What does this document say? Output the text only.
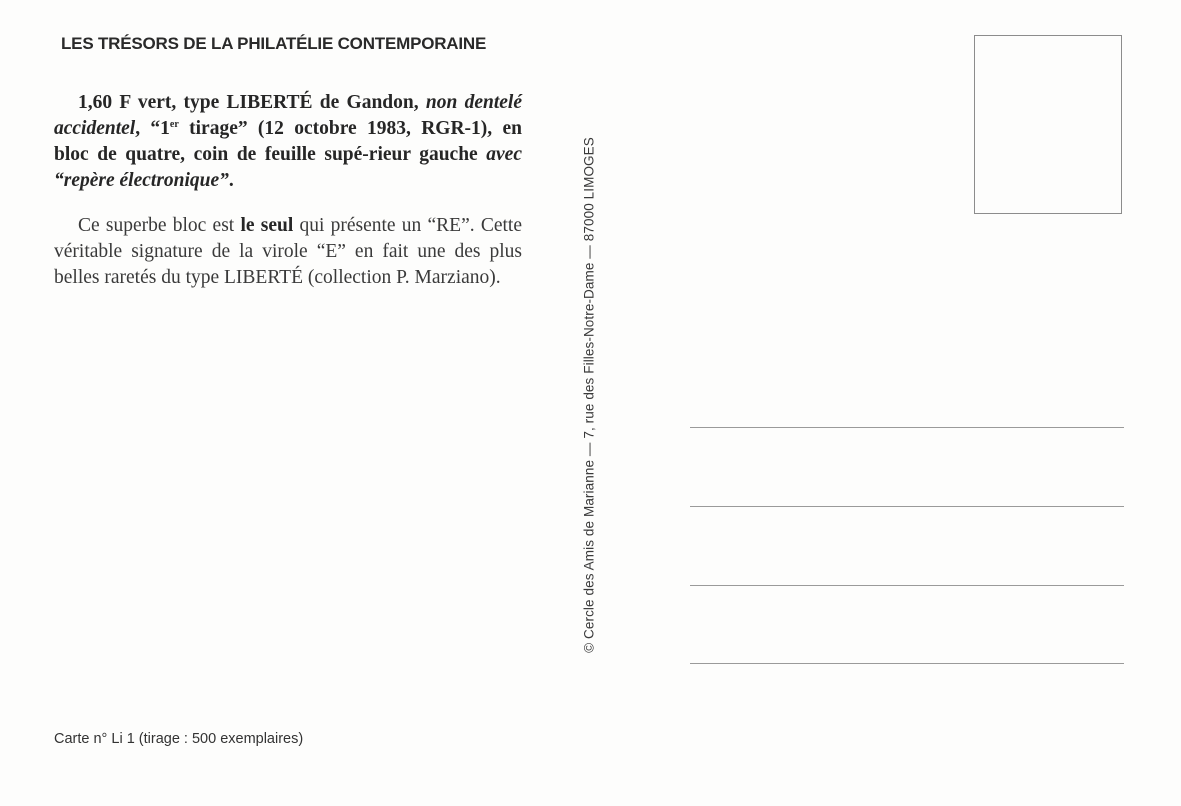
LES TRÉSORS DE LA PHILATÉLIE CONTEMPORAINE

1,60 F vert, type LIBERTÉ de Gandon, non dentelé accidentel, “1er tirage” (12 octobre 1983, RGR-1), en bloc de quatre, coin de feuille supé-rieur gauche avec “repère électronique”.

Ce superbe bloc est le seul qui présente un “RE”. Cette véritable signature de la virole “E” en fait une des plus belles raretés du type LIBERTÉ (collection P. Marziano).

Carte n° Li 1 (tirage : 500 exemplaires)
© Cercle des Amis de Marianne — 7, rue des Filles-Notre-Dame — 87000 LIMOGES
